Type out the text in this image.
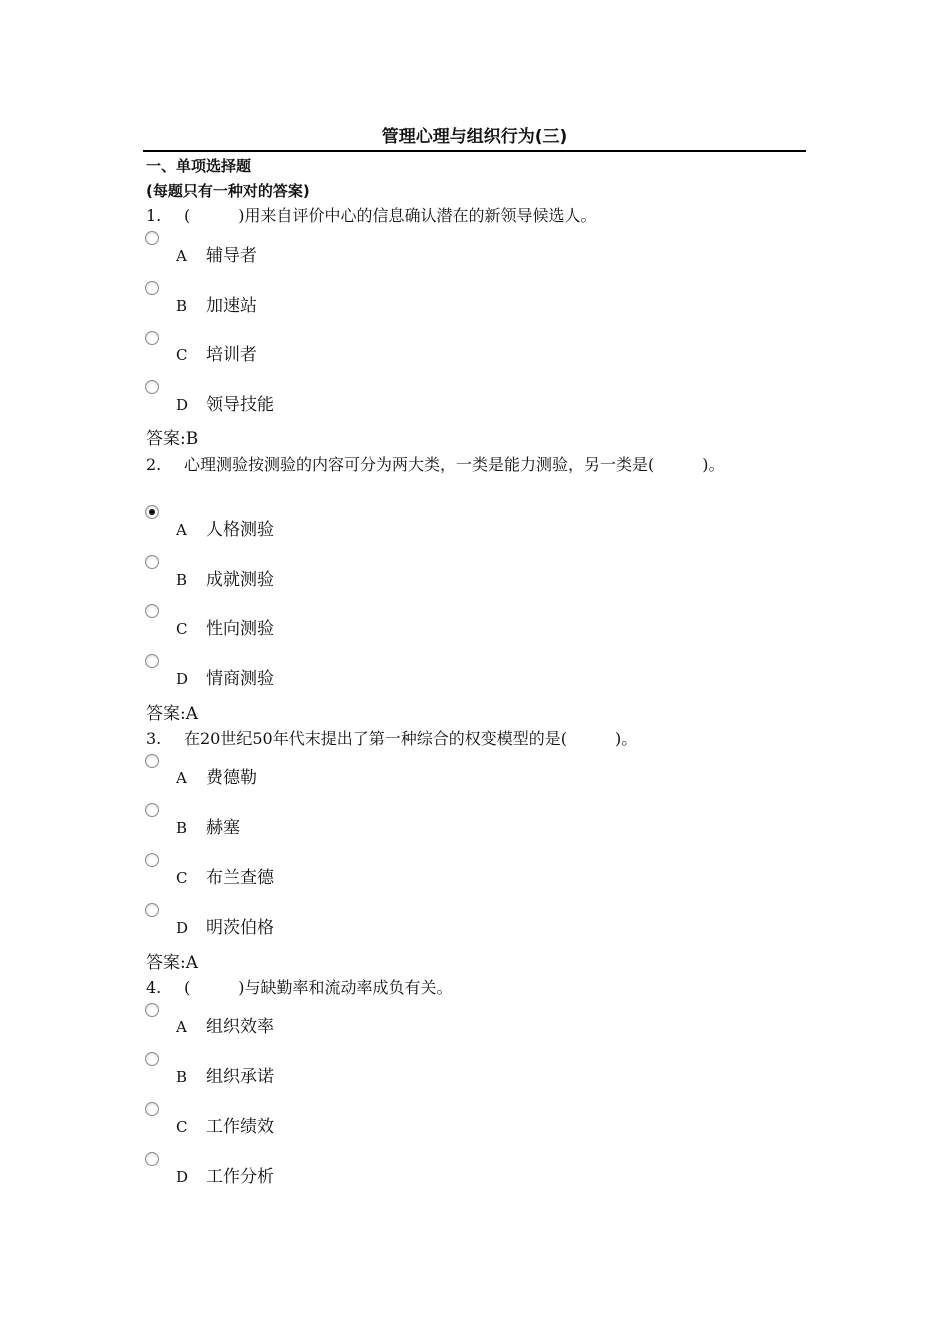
管理心理与组织行为(三)
一、单项选择题
(每题只有一种对的答案)
1. (　　　)用来自评价中心的信息确认潜在的新领导候选人。
A 辅导者
B 加速站
C 培训者
D 领导技能
答案:B
2. 心理测验按测验的内容可分为两大类，一类是能力测验，另一类是(　　　)。
A 人格测验
B 成就测验
C 性向测验
D 情商测验
答案:A
3. 在20世纪50年代末提出了第一种综合的权变模型的是(　　　)。
A 费德勒
B 赫塞
C 布兰查德
D 明茨伯格
答案:A
4. (　　　)与缺勤率和流动率成负有关。
A 组织效率
B 组织承诺
C 工作绩效
D 工作分析
